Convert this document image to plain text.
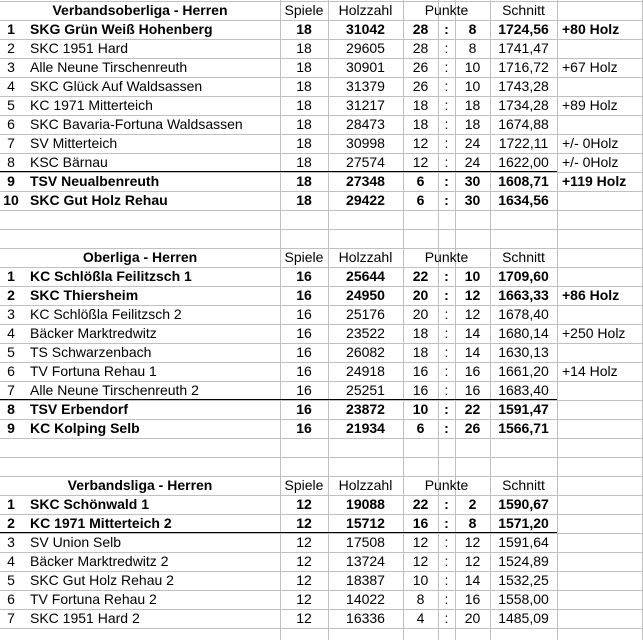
Verbandsoberliga - Herren	Spiele	Holzzahl	Punkte	Schnitt
1	SKG Grün Weiß Hohenberg	18	31042	28	:	8	1724,56 +80 Holz
2	SKC 1951 Hard	18	29605	28	:	8	1741,47
3	Alle Neune Tirschenreuth	18	30901	26	:	10	1716,72 +67 Holz
4	SKC Glück Auf Waldsassen	18	31379	26	:	10	1743,28
5	KC 1971 Mitterteich	18	31217	18	:	18	1734,28 +89 Holz
6	SKC Bavaria-Fortuna Waldsassen	18	28473	18	:	18	1674,88
7	SV Mitterteich	18	30998	12	:	24	1722,11 +/- 0Holz
8	KSC Bärnau	18	27574	12	:	24	1622,00 +/- 0Holz
9	TSV Neualbenreuth	18	27348	6	:	30	1608,71 +119 Holz
10 SKC Gut Holz Rehau	18	29422	6	:	30	1634,56
Oberliga - Herren	Spiele	Holzzahl	Punkte	Schnitt
1	KC Schlößla Feilitzsch 1	16	25644	22	:	10	1709,60
2	SKC Thiersheim	16	24950	20	:	12	1663,33 +86 Holz
3	KC Schlößla Feilitzsch 2	16	25176	20	:	12	1678,40
4	Bäcker Marktredwitz	16	23522	18	:	14	1680,14 +250 Holz
5	TS Schwarzenbach	16	26082	18	:	14	1630,13
6	TV Fortuna Rehau 1	16	24918	16	:	16	1661,20 +14 Holz
7	Alle Neune Tirschenreuth 2	16	25251	16	:	16	1683,40
8	TSV Erbendorf	16	23872	10	:	22	1591,47
9	KC Kolping Selb	16	21934	6	:	26	1566,71
Verbandsliga - Herren	Spiele	Holzzahl	Punkte	Schnitt
1	SKC Schönwald 1	12	19088	22	:	2	1590,67
2	KC 1971 Mitterteich 2	12	15712	16	:	8	1571,20
3	SV Union Selb	12	17508	12	:	12	1591,64
4	Bäcker Marktredwitz 2	12	13724	12	:	12	1524,89
5	SKC Gut Holz Rehau 2	12	18387	10	:	14	1532,25
6	TV Fortuna Rehau 2	12	14022	8	:	16	1558,00
7	SKC 1951 Hard 2	12	16336	4	:	20	1485,09
